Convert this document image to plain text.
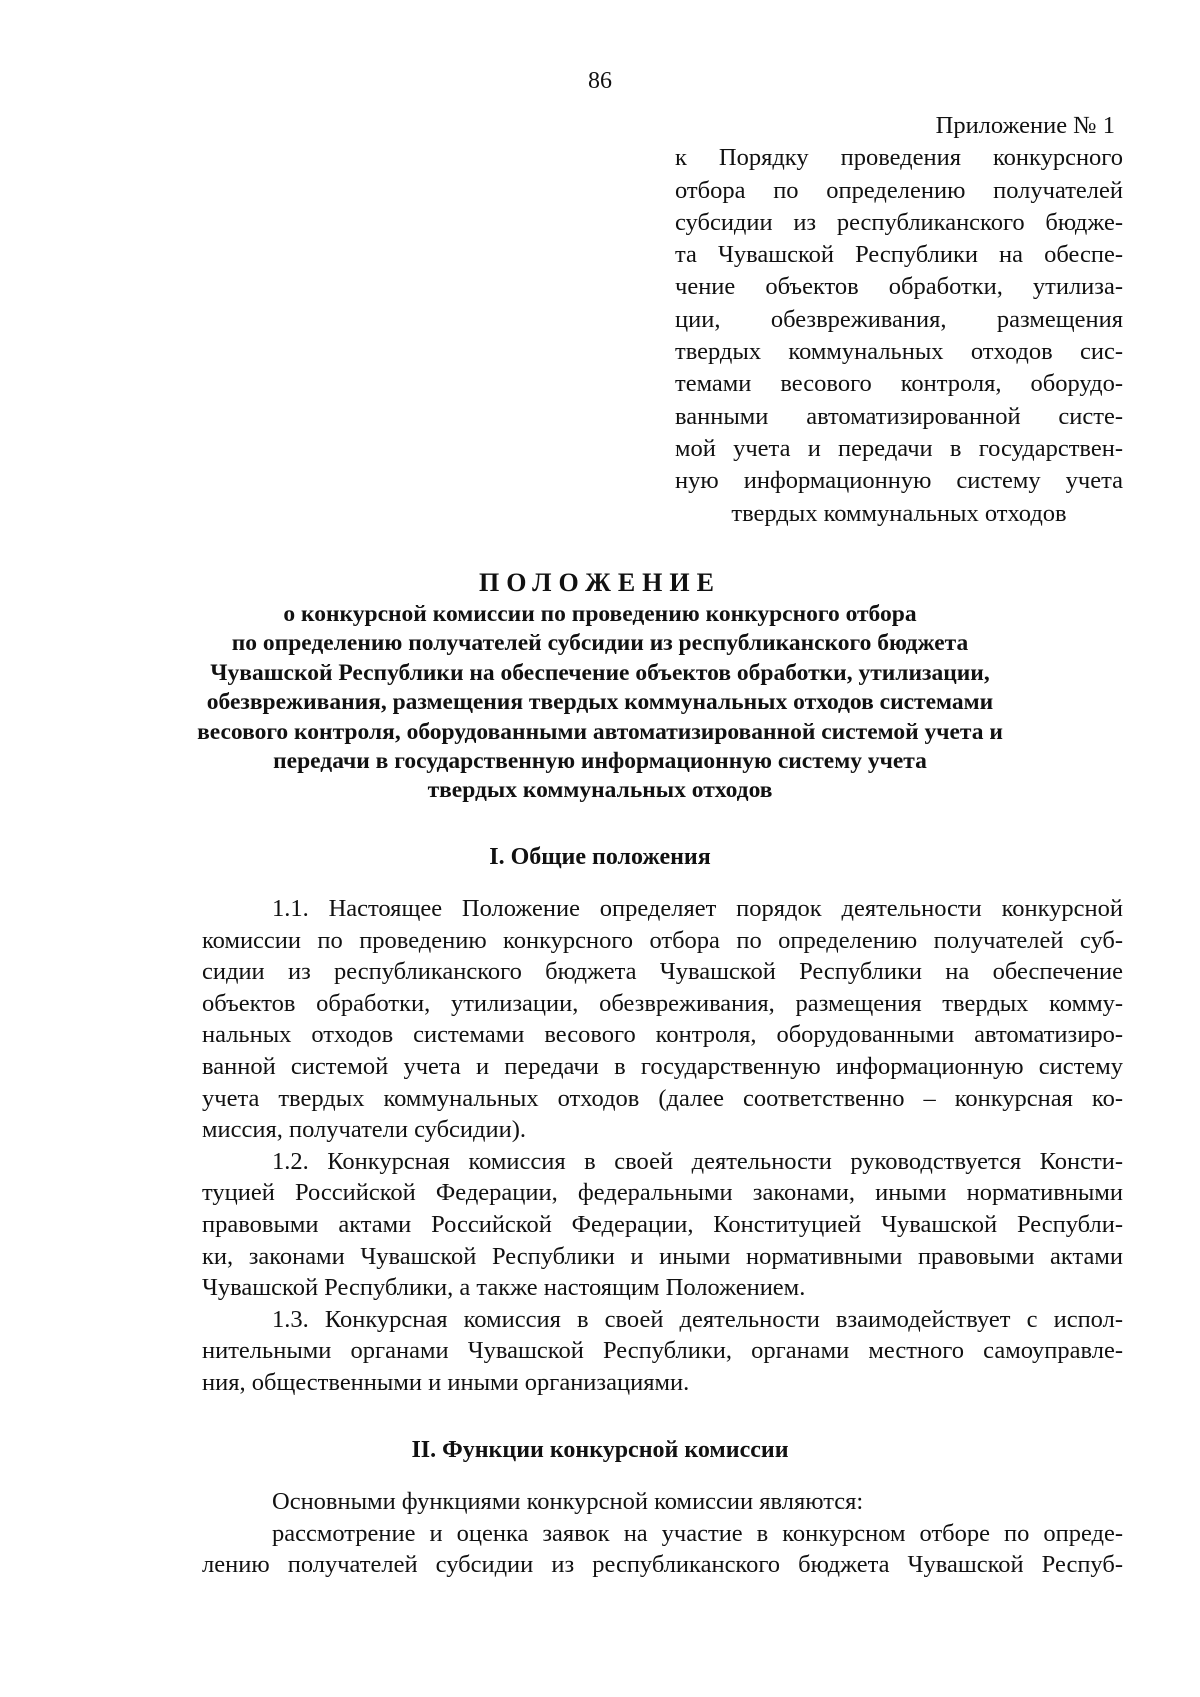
86
Приложение № 1
к Порядку проведения конкурсного
отбора по определению получателей
субсидии из республиканского бюдже-
та Чувашской Республики на обеспе-
чение объектов обработки, утилиза-
ции, обезвреживания, размещения
твердых коммунальных отходов сис-
темами весового контроля, оборудо-
ванными автоматизированной систе-
мой учета и передачи в государствен-
ную информационную систему учета
твердых коммунальных отходов
ПОЛОЖЕНИЕ
о конкурсной комиссии по проведению конкурсного отбора
по определению получателей субсидии из республиканского бюджета
Чувашской Республики на обеспечение объектов обработки, утилизации,
обезвреживания, размещения твердых коммунальных отходов системами
весового контроля, оборудованными автоматизированной системой учета и
передачи в государственную информационную систему учета
твердых коммунальных отходов
I. Общие положения
1.1. Настоящее Положение определяет порядок деятельности конкурсной
комиссии по проведению конкурсного отбора по определению получателей суб-
сидии из республиканского бюджета Чувашской Республики на обеспечение
объектов обработки, утилизации, обезвреживания, размещения твердых комму-
нальных отходов системами весового контроля, оборудованными автоматизиро-
ванной системой учета и передачи в государственную информационную систему
учета твердых коммунальных отходов (далее соответственно – конкурсная ко-
миссия, получатели субсидии).
1.2. Конкурсная комиссия в своей деятельности руководствуется Консти-
туцией Российской Федерации, федеральными законами, иными нормативными
правовыми актами Российской Федерации, Конституцией Чувашской Республи-
ки, законами Чувашской Республики и иными нормативными правовыми актами
Чувашской Республики, а также настоящим Положением.
1.3. Конкурсная комиссия в своей деятельности взаимодействует с испол-
нительными органами Чувашской Республики, органами местного самоуправле-
ния, общественными и иными организациями.
II. Функции конкурсной комиссии
Основными функциями конкурсной комиссии являются:
рассмотрение и оценка заявок на участие в конкурсном отборе по опреде-
лению получателей субсидии из республиканского бюджета Чувашской Респуб-
